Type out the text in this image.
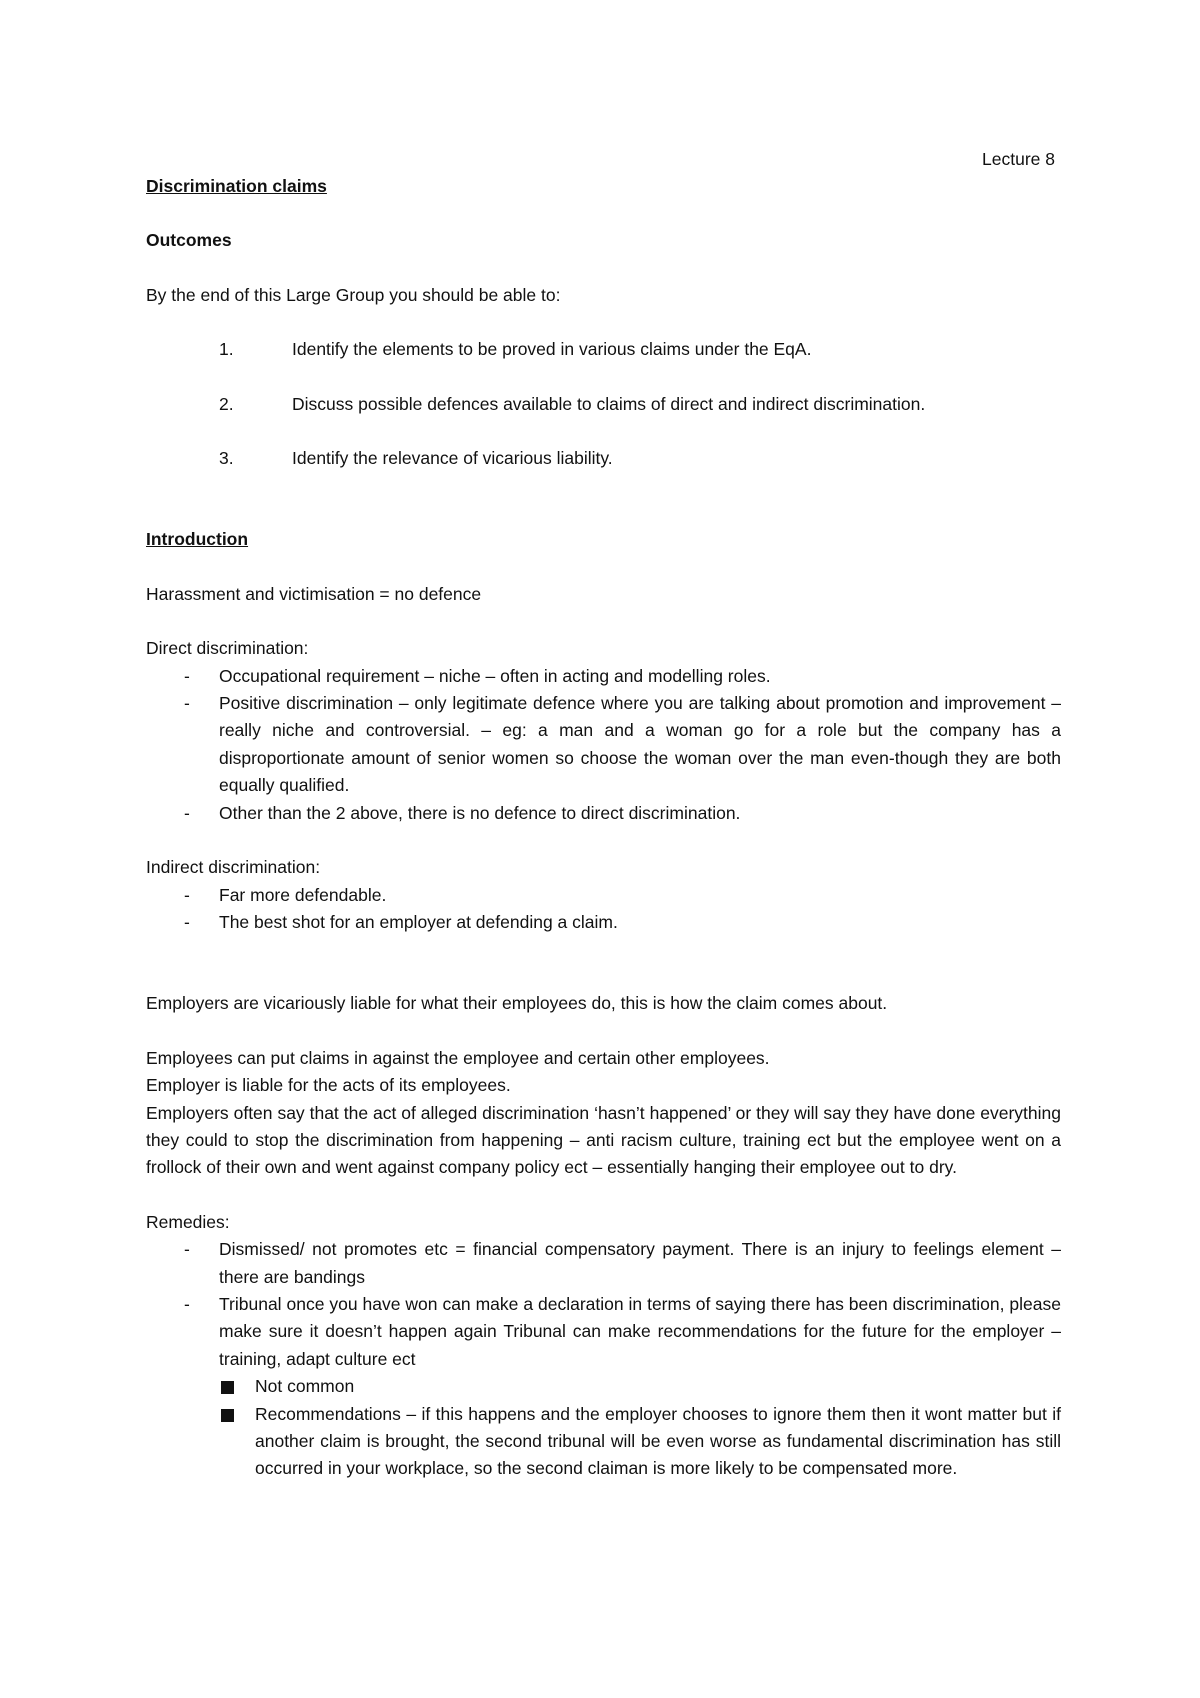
Lecture 8

Discrimination claims

Outcomes

By the end of this Large Group you should be able to:

1.	Identify the elements to be proved in various claims under the EqA.
2.	Discuss possible defences available to claims of direct and indirect discrimination.
3.	Identify the relevance of vicarious liability.

Introduction

Harassment and victimisation = no defence

Direct discrimination:

- Occupational requirement – niche – often in acting and modelling roles.
- Positive discrimination – only legitimate defence where you are talking about promotion and improvement – really niche and controversial. – eg: a man and a woman go for a role but the company has a disproportionate amount of senior women so choose the woman over the man even-though they are both equally qualified.
- Other than the 2 above, there is no defence to direct discrimination.

Indirect discrimination:

- Far more defendable.
- The best shot for an employer at defending a claim.

Employers are vicariously liable for what their employees do, this is how the claim comes about.

Employees can put claims in against the employee and certain other employees.

Employer is liable for the acts of its employees.

Employers often say that the act of alleged discrimination ‘hasn’t happened’ or they will say they have done everything they could to stop the discrimination from happening – anti racism culture, training ect but the employee went on a frollock of their own and went against company policy ect – essentially hanging their employee out to dry.

Remedies:

- Dismissed/ not promotes etc = financial compensatory payment. There is an injury to feelings element – there are bandings
- Tribunal once you have won can make a declaration in terms of saying there has been discrimination, please make sure it doesn’t happen again Tribunal can make recommendations for the future for the employer – training, adapt culture ect
Not common
Recommendations – if this happens and the employer chooses to ignore them then it wont matter but if another claim is brought, the second tribunal will be even worse as fundamental discrimination has still occurred in your workplace, so the second claiman is more likely to be compensated more.
